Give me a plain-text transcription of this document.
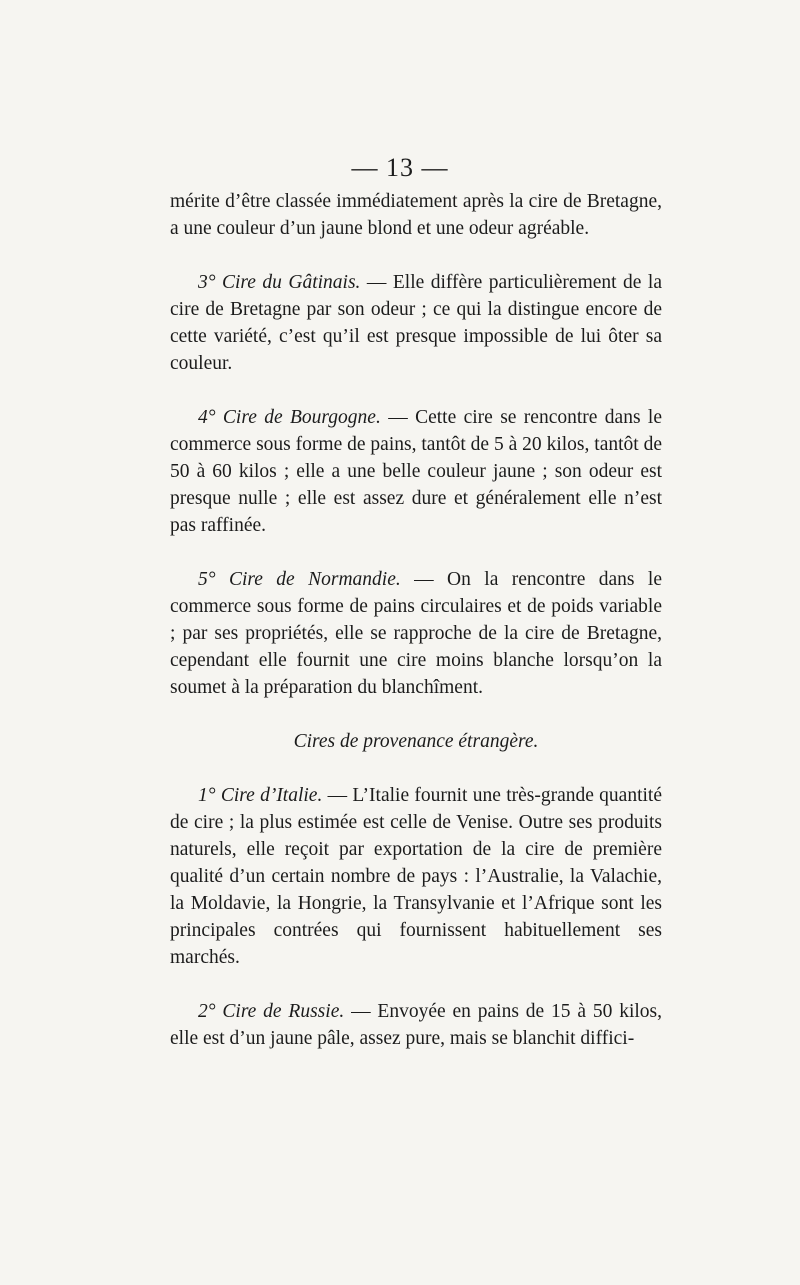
— 13 —

mérite d’être classée immédiatement après la cire de Bretagne, a une couleur d’un jaune blond et une odeur agréable.

3° Cire du Gâtinais. — Elle diffère particulièrement de la cire de Bretagne par son odeur ; ce qui la distingue encore de cette variété, c’est qu’il est presque impossible de lui ôter sa couleur.

4° Cire de Bourgogne. — Cette cire se rencontre dans le commerce sous forme de pains, tantôt de 5 à 20 kilos, tantôt de 50 à 60 kilos ; elle a une belle couleur jaune ; son odeur est presque nulle ; elle est assez dure et généralement elle n’est pas raffinée.

5° Cire de Normandie. — On la rencontre dans le commerce sous forme de pains circulaires et de poids variable ; par ses propriétés, elle se rapproche de la cire de Bretagne, cependant elle fournit une cire moins blanche lorsqu’on la soumet à la préparation du blanchîment.

Cires de provenance étrangère.

1° Cire d’Italie. — L’Italie fournit une très-grande quantité de cire ; la plus estimée est celle de Venise. Outre ses produits naturels, elle reçoit par exportation de la cire de première qualité d’un certain nombre de pays : l’Australie, la Valachie, la Moldavie, la Hongrie, la Transylvanie et l’Afrique sont les principales contrées qui fournissent habituellement ses marchés.

2° Cire de Russie. — Envoyée en pains de 15 à 50 kilos, elle est d’un jaune pâle, assez pure, mais se blanchit diffici-
